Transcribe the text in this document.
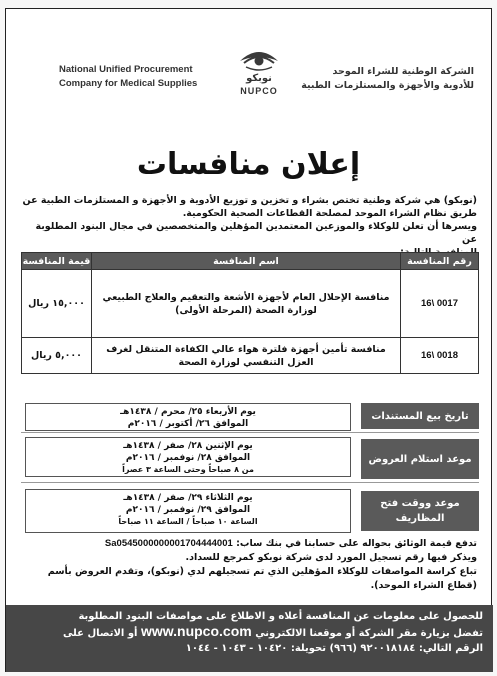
National Unified Procurement
Company for Medical Supplies	نوبكو
NUPCO
الشركة الوطنية للشراء الموحد
للأدوية والأجهزة والمستلزمات الطبية
إعلان منافسات

(نوبكو) هي شركة وطنية تختص بشراء و تخزين و توزيع الأدوية و الأجهزة و المستلزمات الطبية عن

طريق نظام الشراء الموحد لمصلحة القطاعات الصحية الحكومية.

ويسرها أن تعلن للوكلاء والموزعين المعتمدين المؤهلين والمتخصصين في مجال البنود المطلوبة عن

رقم المنافسة	اسم المنافسة	قيمة المنافسة
0017 \16	منافسة الإحلال العام لأجهزة الأشعة والتعقيم والعلاج الطبيعي لوزارة الصحة (المرحلة الأولى)	١٥,٠٠٠ ريال
0018 \16	منافسة تأمين أجهزة فلترة هواء عالي الكفاءة المتنقل لغرف العزل التنفسي لوزارة الصحة	٥,٠٠٠ ريال
تاريخ بيع المستندات
يوم الأربعاء ٢٥/ محرم / ١٤٣٨هـ
الموافق ٢٦/ أكتوبر / ٢٠١٦م
موعد استلام العروض
يوم الإثنين ٢٨/ صفر / ١٤٣٨هـ
الموافق ٢٨/ نوفمبر / ٢٠١٦م
من ٨ صباحاً وحتى الساعة ٣ عصراً
موعد ووقت فتح المظاريف
يوم الثلاثاء ٢٩/ صفر / ١٤٣٨هـ
الموافق ٢٩/ نوفمبر / ٢٠١٦م
الساعة ١٠ صباحاً / الساعة ١١ صباحاً

تدفع قيمة الوثائق بحواله على حسابنا في بنك ساب: Sa0545000000001704444001

ويذكر فيها رقم تسجيل المورد لدى شركة نوبكو كمرجع للسداد.

تباع كراسة المواصفات للوكلاء المؤهلين الذي تم تسجيلهم لدي (نوبكو)، وتقدم العروض بأسم

(قطاع الشراء الموحد).

للحصول على معلومات عن المنافسة أعلاه و الاطلاع على مواصفات البنود المطلوبة
تفضل بزيارة مقر الشركة أو موقعنا الالكتروني www.nupco.com أو الاتصال على
الرقم التالي: ٩٢٠٠١٨١٨٤ (٩٦٦) تحويلة: ١٠٤٢٠ - ١٠٤٣ - ١٠٤٤
